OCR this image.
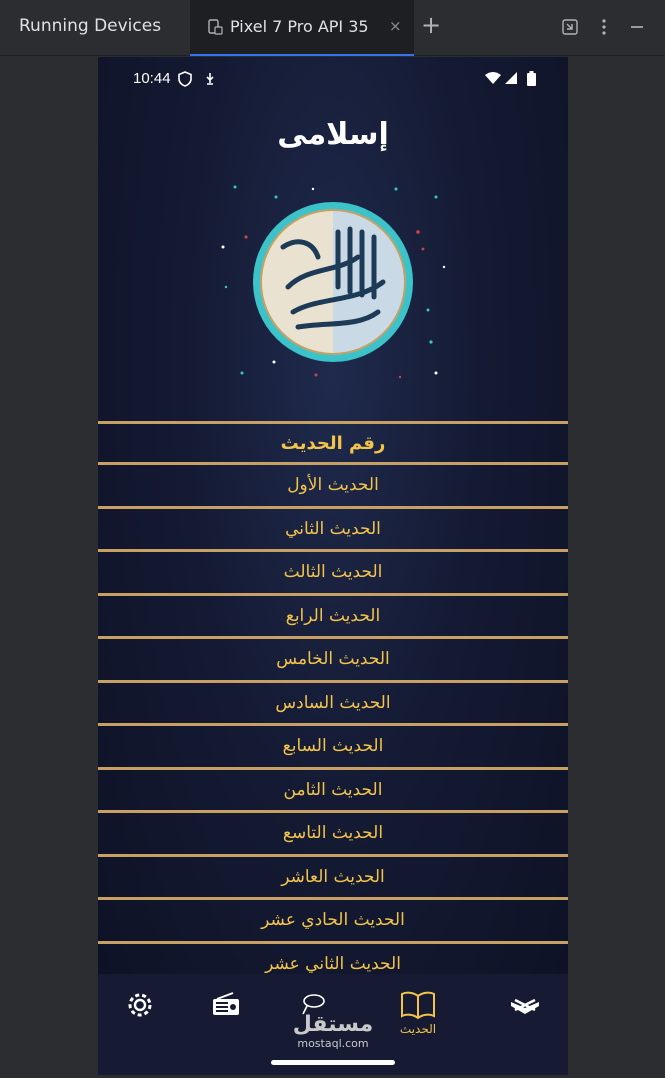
Running Devices	Pixel 7 Pro API 35 × +
10:44
إسلامى
رقم الحديث
الحديث الأول
الحديث الثاني
الحديث الثالث
الحديث الرابع
الحديث الخامس
الحديث السادس
الحديث السابع
الحديث الثامن
الحديث التاسع
الحديث العاشر
الحديث الحادي عشر
الحديث الثاني عشر
الحديث
مستقل
mostaql.com
